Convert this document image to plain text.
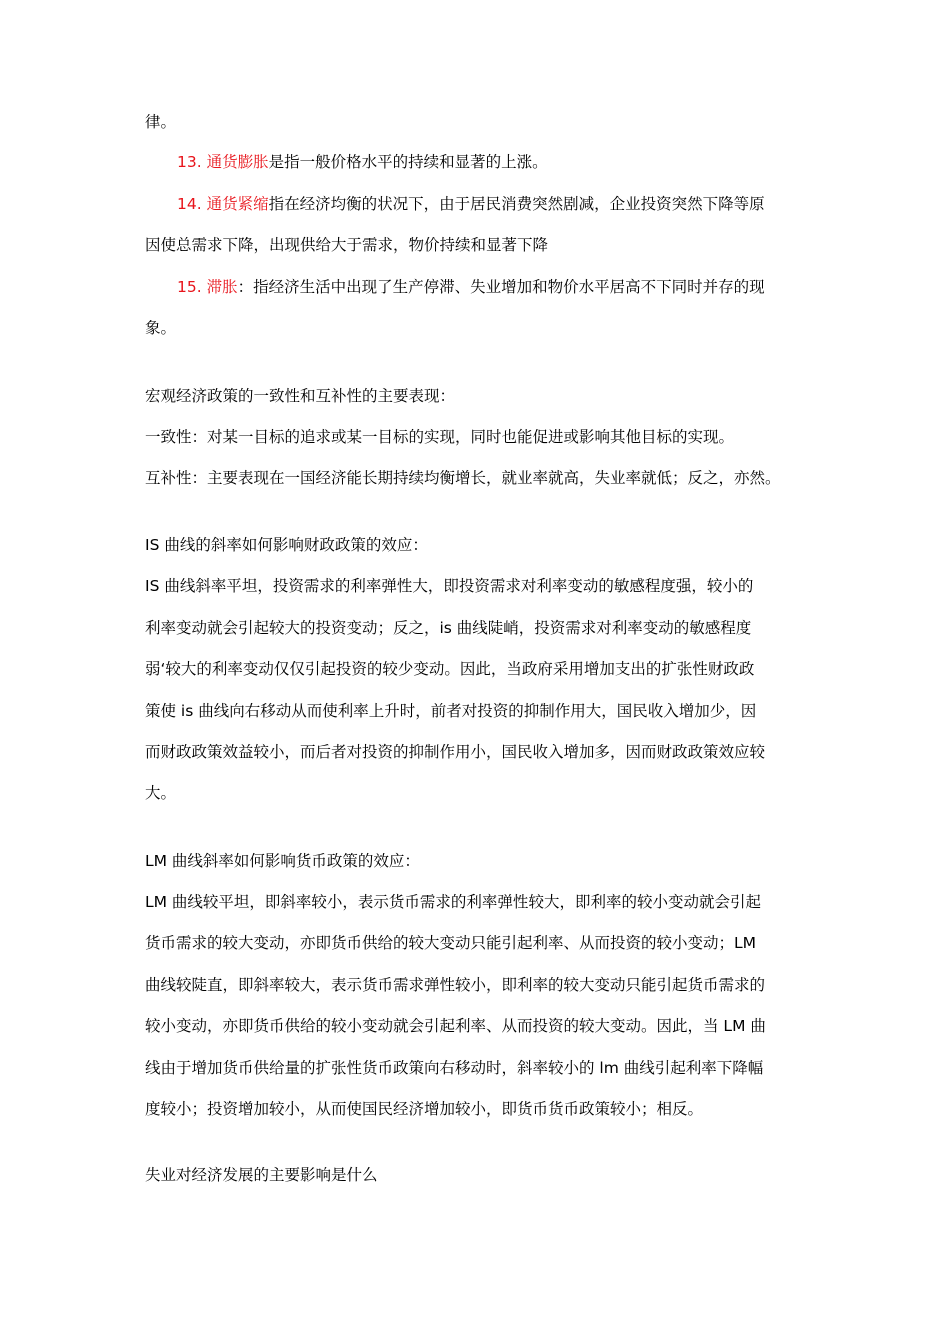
律。
13. 通货膨胀是指一般价格水平的持续和显著的上涨。
14. 通货紧缩指在经济均衡的状况下，由于居民消费突然剧减，企业投资突然下降等原
因使总需求下降，出现供给大于需求，物价持续和显著下降
15. 滞胀：指经济生活中出现了生产停滞、失业增加和物价水平居高不下同时并存的现
象。
宏观经济政策的一致性和互补性的主要表现：
一致性：对某一目标的追求或某一目标的实现，同时也能促进或影响其他目标的实现。
互补性：主要表现在一国经济能长期持续均衡增长，就业率就高，失业率就低；反之，亦然。
IS 曲线的斜率如何影响财政政策的效应：
IS 曲线斜率平坦，投资需求的利率弹性大，即投资需求对利率变动的敏感程度强，较小的
利率变动就会引起较大的投资变动；反之，is 曲线陡峭，投资需求对利率变动的敏感程度
弱‘较大的利率变动仅仅引起投资的较少变动。因此，当政府采用增加支出的扩张性财政政
策使 is 曲线向右移动从而使利率上升时，前者对投资的抑制作用大，国民收入增加少，因
而财政政策效益较小，而后者对投资的抑制作用小，国民收入增加多，因而财政政策效应较
大。
LM 曲线斜率如何影响货币政策的效应：
LM 曲线较平坦，即斜率较小，表示货币需求的利率弹性较大，即利率的较小变动就会引起
货币需求的较大变动，亦即货币供给的较大变动只能引起利率、从而投资的较小变动；LM
曲线较陡直，即斜率较大，表示货币需求弹性较小，即利率的较大变动只能引起货币需求的
较小变动，亦即货币供给的较小变动就会引起利率、从而投资的较大变动。因此，当 LM 曲
线由于增加货币供给量的扩张性货币政策向右移动时，斜率较小的 lm 曲线引起利率下降幅
度较小；投资增加较小，从而使国民经济增加较小，即货币货币政策较小；相反。
失业对经济发展的主要影响是什么
